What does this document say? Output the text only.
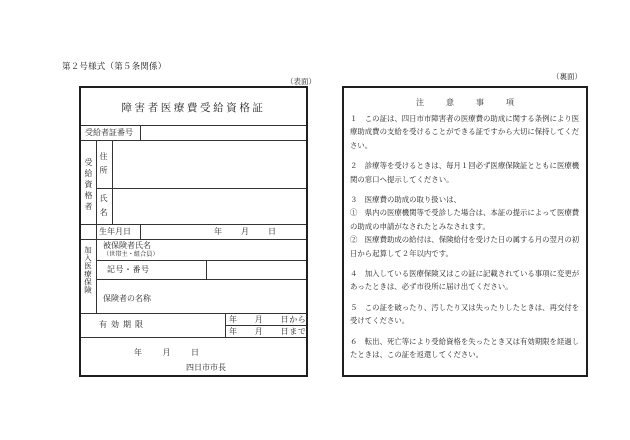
第２号様式（第５条関係）
（表面）
（裏面）
障害者医療費受給資格証
受給者証番号
受給資格者 住所
氏名
生年月日	年　　月　　日
加入医療保険
被保険者氏名
（世帯主・組合員）
記号・番号
保険者の名称
有効期限
年　　月　　日から
年　　月　　日まで
年　　月　　日
四日市市長
注	意	事	項
１　この証は、四日市市障害者の医療費の助成に関する条例により医療助成費の支給を受けることができる証ですから大切に保持してください。
２　診療等を受けるときは、毎月１回必ず医療保険証とともに医療機関の窓口へ提示してください。
３　医療費の助成の取り扱いは、
①　県内の医療機関等で受診した場合は、本証の提示によって医療費の助成の申請がなされたとみなされます。
②　医療費助成の給付は、保険給付を受けた日の属する月の翌月の初日から起算して２年以内です。
４　加入している医療保険又はこの証に記載されている事項に変更があったときは、必ず市役所に届け出てください。
５　この証を破ったり、汚したり又は失ったりしたときは、再交付を受けてください。
６　転出、死亡等により受給資格を失ったとき又は有効期限を経過したときは、この証を返還してください。
